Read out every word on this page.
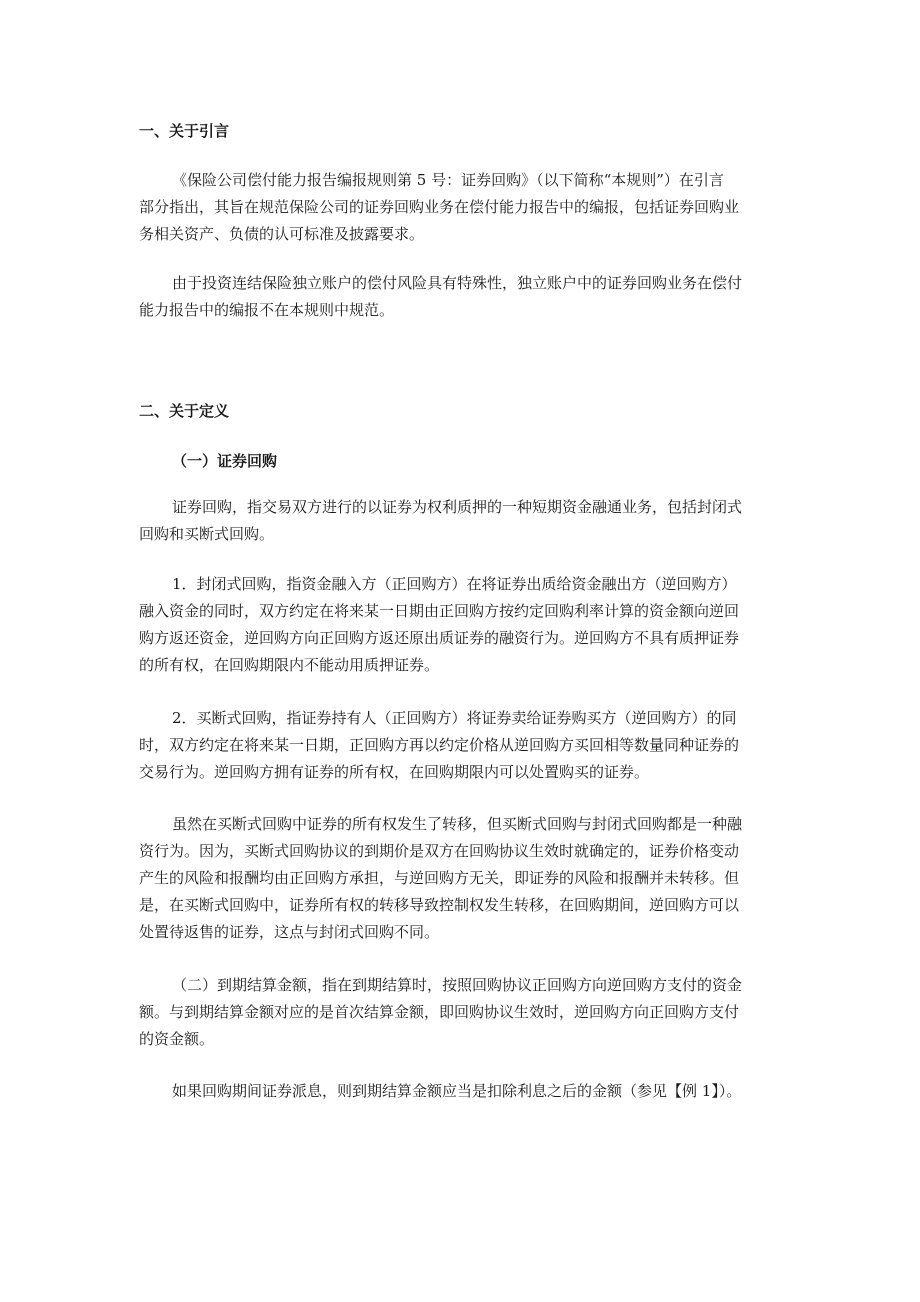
一、关于引言

《保险公司偿付能力报告编报规则第 5 号：证券回购》（以下简称“本规则”）在引言
部分指出，其旨在规范保险公司的证券回购业务在偿付能力报告中的编报，包括证券回购业
务相关资产、负债的认可标准及披露要求。

由于投资连结保险独立账户的偿付风险具有特殊性，独立账户中的证券回购业务在偿付
能力报告中的编报不在本规则中规范。

二、关于定义
（一）证券回购

证券回购，指交易双方进行的以证券为权利质押的一种短期资金融通业务，包括封闭式
回购和买断式回购。

1．封闭式回购，指资金融入方（正回购方）在将证券出质给资金融出方（逆回购方）
融入资金的同时，双方约定在将来某一日期由正回购方按约定回购利率计算的资金额向逆回
购方返还资金，逆回购方向正回购方返还原出质证券的融资行为。逆回购方不具有质押证券
的所有权，在回购期限内不能动用质押证券。

2．买断式回购，指证券持有人（正回购方）将证券卖给证券购买方（逆回购方）的同
时，双方约定在将来某一日期，正回购方再以约定价格从逆回购方买回相等数量同种证券的
交易行为。逆回购方拥有证券的所有权，在回购期限内可以处置购买的证券。

虽然在买断式回购中证券的所有权发生了转移，但买断式回购与封闭式回购都是一种融
资行为。因为，买断式回购协议的到期价是双方在回购协议生效时就确定的，证券价格变动
产生的风险和报酬均由正回购方承担，与逆回购方无关，即证券的风险和报酬并未转移。但
是，在买断式回购中，证券所有权的转移导致控制权发生转移，在回购期间，逆回购方可以
处置待返售的证券，这点与封闭式回购不同。

（二）到期结算金额，指在到期结算时，按照回购协议正回购方向逆回购方支付的资金
额。与到期结算金额对应的是首次结算金额，即回购协议生效时，逆回购方向正回购方支付
的资金额。

如果回购期间证券派息，则到期结算金额应当是扣除利息之后的金额（参见【例 1】）。
